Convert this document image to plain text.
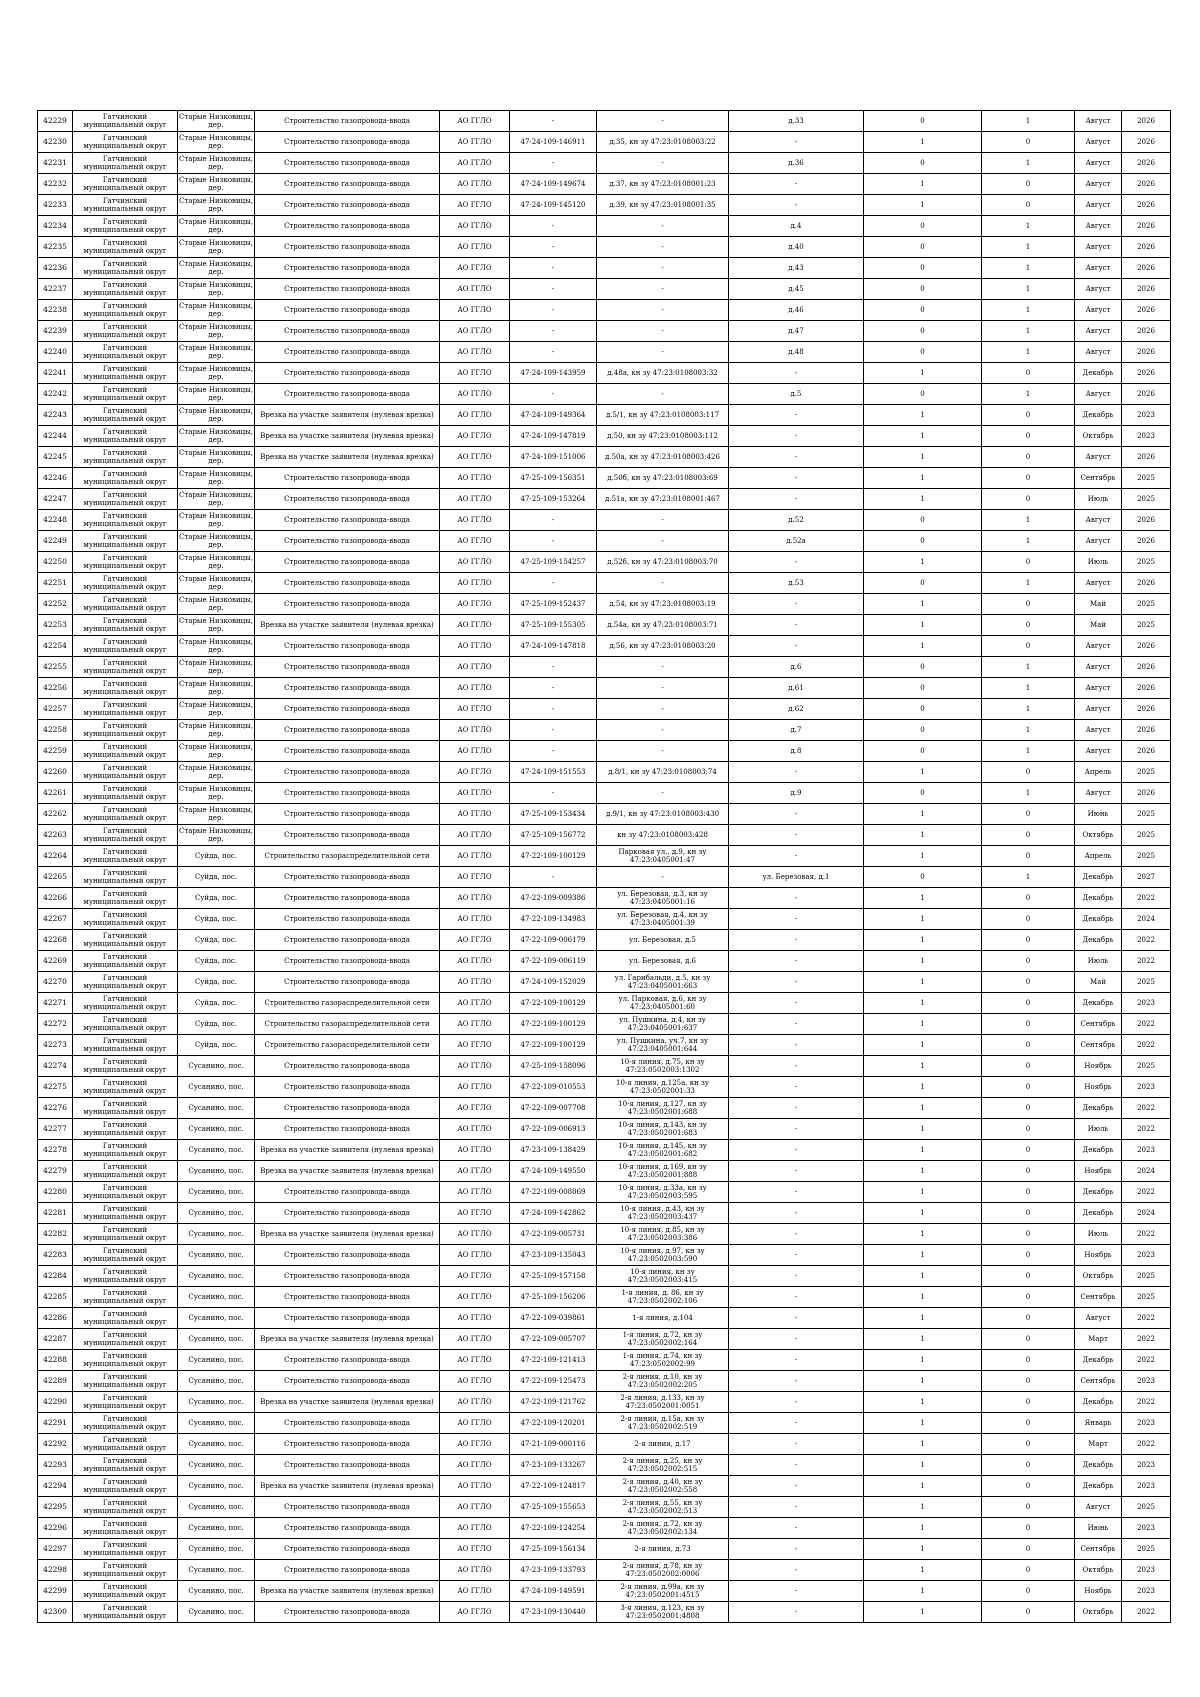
42229	Гатчинский муниципальный округ	Старые Низковицы, дер.	Строительство газопровода-ввода	АО ГГЛО	-	-	д.33	0	1	Август	2026
42230	Гатчинский муниципальный округ	Старые Низковицы, дер.	Строительство газопровода-ввода	АО ГГЛО	47-24-109-146911	д.35, кн зу 47:23:0108003:22	-	1	0	Август	2026
42231	Гатчинский муниципальный округ	Старые Низковицы, дер.	Строительство газопровода-ввода	АО ГГЛО	-	-	д.36	0	1	Август	2026
42232	Гатчинский муниципальный округ	Старые Низковицы, дер.	Строительство газопровода-ввода	АО ГГЛО	47-24-109-149674	д.37, кн зу 47:23:0108001:23	-	1	0	Август	2026
42233	Гатчинский муниципальный округ	Старые Низковицы, дер.	Строительство газопровода-ввода	АО ГГЛО	47-24-109-145120	д.39, кн зу 47:23:0108001:35	-	1	0	Август	2026
42234	Гатчинский муниципальный округ	Старые Низковицы, дер.	Строительство газопровода-ввода	АО ГГЛО	-	-	д.4	0	1	Август	2026
42235	Гатчинский муниципальный округ	Старые Низковицы, дер.	Строительство газопровода-ввода	АО ГГЛО	-	-	д.40	0	1	Август	2026
42236	Гатчинский муниципальный округ	Старые Низковицы, дер.	Строительство газопровода-ввода	АО ГГЛО	-	-	д.43	0	1	Август	2026
42237	Гатчинский муниципальный округ	Старые Низковицы, дер.	Строительство газопровода-ввода	АО ГГЛО	-	-	д.45	0	1	Август	2026
42238	Гатчинский муниципальный округ	Старые Низковицы, дер.	Строительство газопровода-ввода	АО ГГЛО	-	-	д.46	0	1	Август	2026
42239	Гатчинский муниципальный округ	Старые Низковицы, дер.	Строительство газопровода-ввода	АО ГГЛО	-	-	д.47	0	1	Август	2026
42240	Гатчинский муниципальный округ	Старые Низковицы, дер.	Строительство газопровода-ввода	АО ГГЛО	-	-	д.48	0	1	Август	2026
42241	Гатчинский муниципальный округ	Старые Низковицы, дер.	Строительство газопровода-ввода	АО ГГЛО	47-24-109-143959	д.48а, кн зу 47:23:0108003:32	-	1	0	Декабрь	2026
42242	Гатчинский муниципальный округ	Старые Низковицы, дер.	Строительство газопровода-ввода	АО ГГЛО	-	-	д.5	0	1	Август	2026
42243	Гатчинский муниципальный округ	Старые Низковицы, дер.	Врезка на участке заявителя (нулевая врезка)	АО ГГЛО	47-24-109-149364	д.5/1, кн зу 47:23:0108003:117	-	1	0	Декабрь	2023
42244	Гатчинский муниципальный округ	Старые Низковицы, дер.	Врезка на участке заявителя (нулевая врезка)	АО ГГЛО	47-24-109-147819	д.50, кн зу 47:23:0108003:112	-	1	0	Октябрь	2023
42245	Гатчинский муниципальный округ	Старые Низковицы, дер.	Врезка на участке заявителя (нулевая врезка)	АО ГГЛО	47-24-109-151006	д.50а, кн зу 47:23:0108003:426	-	1	0	Август	2026
42246	Гатчинский муниципальный округ	Старые Низковицы, дер.	Строительство газопровода-ввода	АО ГГЛО	47-25-109-156351	д.50б, кн зу 47:23:0108003:69	-	1	0	Сентябрь	2025
42247	Гатчинский муниципальный округ	Старые Низковицы, дер.	Строительство газопровода-ввода	АО ГГЛО	47-25-109-153264	д.51а, кн зу 47:23:0108001:467	-	1	0	Июль	2025
42248	Гатчинский муниципальный округ	Старые Низковицы, дер.	Строительство газопровода-ввода	АО ГГЛО	-	-	д.52	0	1	Август	2026
42249	Гатчинский муниципальный округ	Старые Низковицы, дер.	Строительство газопровода-ввода	АО ГГЛО	-	-	д.52а	0	1	Август	2026
42250	Гатчинский муниципальный округ	Старые Низковицы, дер.	Строительство газопровода-ввода	АО ГГЛО	47-25-109-154257	д.52б, кн зу 47:23:0108003:70	-	1	0	Июль	2025
42251	Гатчинский муниципальный округ	Старые Низковицы, дер.	Строительство газопровода-ввода	АО ГГЛО	-	-	д.53	0	1	Август	2026
42252	Гатчинский муниципальный округ	Старые Низковицы, дер.	Строительство газопровода-ввода	АО ГГЛО	47-25-109-152437	д.54, кн зу 47:23:0108003:19	-	1	0	Май	2025
42253	Гатчинский муниципальный округ	Старые Низковицы, дер.	Врезка на участке заявителя (нулевая врезка)	АО ГГЛО	47-25-109-155305	д.54а, кн зу 47:23:0108003:71	-	1	0	Май	2025
42254	Гатчинский муниципальный округ	Старые Низковицы, дер.	Строительство газопровода-ввода	АО ГГЛО	47-24-109-147818	д.56, кн зу 47:23:0108003:20	-	1	0	Август	2026
42255	Гатчинский муниципальный округ	Старые Низковицы, дер.	Строительство газопровода-ввода	АО ГГЛО	-	-	д.6	0	1	Август	2026
42256	Гатчинский муниципальный округ	Старые Низковицы, дер.	Строительство газопровода-ввода	АО ГГЛО	-	-	д.61	0	1	Август	2026
42257	Гатчинский муниципальный округ	Старые Низковицы, дер.	Строительство газопровода-ввода	АО ГГЛО	-	-	д.62	0	1	Август	2026
42258	Гатчинский муниципальный округ	Старые Низковицы, дер.	Строительство газопровода-ввода	АО ГГЛО	-	-	д.7	0	1	Август	2026
42259	Гатчинский муниципальный округ	Старые Низковицы, дер.	Строительство газопровода-ввода	АО ГГЛО	-	-	д.8	0	1	Август	2026
42260	Гатчинский муниципальный округ	Старые Низковицы, дер.	Строительство газопровода-ввода	АО ГГЛО	47-24-109-151553	д.8/1, кн зу 47:23:0108003:74	-	1	0	Апрель	2025
42261	Гатчинский муниципальный округ	Старые Низковицы, дер.	Строительство газопровода-ввода	АО ГГЛО	-	-	д.9	0	1	Август	2026
42262	Гатчинский муниципальный округ	Старые Низковицы, дер.	Строительство газопровода-ввода	АО ГГЛО	47-25-109-153434	д.9/1, кн зу 47:23:0108003:430	-	1	0	Июнь	2025
42263	Гатчинский муниципальный округ	Старые Низковицы, дер.	Строительство газопровода-ввода	АО ГГЛО	47-25-109-156772	кн зу 47:23:0108003:428	-	1	0	Октябрь	2025
42264	Гатчинский муниципальный округ	Суйда, пос.	Строительство газораспределительной сети	АО ГГЛО	47-22-109-100129	Парковая ул., д.9, кн зу 47:23:0405001:47	-	1	0	Апрель	2025
42265	Гатчинский муниципальный округ	Суйда, пос.	Строительство газопровода-ввода	АО ГГЛО	-	-	ул. Березовая, д.1	0	1	Декабрь	2027
42266	Гатчинский муниципальный округ	Суйда, пос.	Строительство газопровода-ввода	АО ГГЛО	47-22-109-009386	ул. Березовая, д.3, кн зу 47:23:0405001:16	-	1	0	Декабрь	2022
42267	Гатчинский муниципальный округ	Суйда, пос.	Строительство газопровода-ввода	АО ГГЛО	47-22-109-134983	ул. Березовая, д.4, кн зу 47:23:0405001:39	-	1	0	Декабрь	2024
42268	Гатчинский муниципальный округ	Суйда, пос.	Строительство газопровода-ввода	АО ГГЛО	47-22-109-006179	ул. Березовая, д.5	-	1	0	Декабрь	2022
42269	Гатчинский муниципальный округ	Суйда, пос.	Строительство газопровода-ввода	АО ГГЛО	47-22-109-006119	ул. Березовая, д.6	-	1	0	Июль	2022
42270	Гатчинский муниципальный округ	Суйда, пос.	Строительство газопровода-ввода	АО ГГЛО	47-24-109-152029	ул. Гарибальди, д.5, кн зу 47:23:0405001:663	-	1	0	Май	2025
42271	Гатчинский муниципальный округ	Суйда, пос.	Строительство газораспределительной сети	АО ГГЛО	47-22-109-100129	ул. Парковая, д.6, кн зу 47:23:0405001:60	-	1	0	Декабрь	2023
42272	Гатчинский муниципальный округ	Суйда, пос.	Строительство газораспределительной сети	АО ГГЛО	47-22-109-100129	ул. Пушкина, д.4, кн зу 47:23:0405001:637	-	1	0	Сентябрь	2022
42273	Гатчинский муниципальный округ	Суйда, пос.	Строительство газораспределительной сети	АО ГГЛО	47-22-109-100129	ул. Пушкина, уч.7, кн зу 47:23:0405001:644	-	1	0	Сентябрь	2022
42274	Гатчинский муниципальный округ	Сусанино, пос.	Строительство газопровода-ввода	АО ГГЛО	47-25-109-158096	10-я линия, д.75, кн зу 47:23:0502003:1302	-	1	0	Ноябрь	2025
42275	Гатчинский муниципальный округ	Сусанино, пос.	Строительство газопровода-ввода	АО ГГЛО	47-22-109-010553	10-я линия, д.125а, кн зу 47:23:0502001:33	-	1	0	Ноябрь	2023
42276	Гатчинский муниципальный округ	Сусанино, пос.	Строительство газопровода-ввода	АО ГГЛО	47-22-109-007708	10-я линия, д.127, кн зу 47:23:0502001:688	-	1	0	Декабрь	2022
42277	Гатчинский муниципальный округ	Сусанино, пос.	Строительство газопровода-ввода	АО ГГЛО	47-22-109-006913	10-я линия, д.143, кн зу 47:23:0502001:683	-	1	0	Июль	2022
42278	Гатчинский муниципальный округ	Сусанино, пос.	Врезка на участке заявителя (нулевая врезка)	АО ГГЛО	47-23-109-138429	10-я линия, д.145, кн зу 47:23:0502001:682	-	1	0	Декабрь	2023
42279	Гатчинский муниципальный округ	Сусанино, пос.	Врезка на участке заявителя (нулевая врезка)	АО ГГЛО	47-24-109-149550	10-я линия, д.169, кн зу 47:23:0502001:888	-	1	0	Ноябрь	2024
42280	Гатчинский муниципальный округ	Сусанино, пос.	Строительство газопровода-ввода	АО ГГЛО	47-22-109-008069	10-я линия, д.33а, кн зу 47:23:0502003:595	-	1	0	Декабрь	2022
42281	Гатчинский муниципальный округ	Сусанино, пос.	Строительство газопровода-ввода	АО ГГЛО	47-24-109-142862	10-я линия, д.43, кн зу 47:23:0502003:437	-	1	0	Декабрь	2024
42282	Гатчинский муниципальный округ	Сусанино, пос.	Врезка на участке заявителя (нулевая врезка)	АО ГГЛО	47-22-109-005731	10-я линия, д.85, кн зу 47:23:0502003:386	-	1	0	Июль	2022
42283	Гатчинский муниципальный округ	Сусанино, пос.	Строительство газопровода-ввода	АО ГГЛО	47-23-109-135043	10-я линия, д.97, кн зу 47:23:0502003:590	-	1	0	Ноябрь	2023
42284	Гатчинский муниципальный округ	Сусанино, пос.	Строительство газопровода-ввода	АО ГГЛО	47-25-109-157158	10-я линия, кн зу 47:23:0502003:415	-	1	0	Октябрь	2025
42285	Гатчинский муниципальный округ	Сусанино, пос.	Строительство газопровода-ввода	АО ГГЛО	47-25-109-156206	1-я линия, д. 86, кн зу 47:23:0502002:106	-	1	0	Сентябрь	2025
42286	Гатчинский муниципальный округ	Сусанино, пос.	Строительство газопровода-ввода	АО ГГЛО	47-22-109-039861	1-я линия, д.104	-	1	0	Август	2022
42287	Гатчинский муниципальный округ	Сусанино, пос.	Врезка на участке заявителя (нулевая врезка)	АО ГГЛО	47-22-109-005707	1-я линия, д.72, кн зу 47:23:0502002:164	-	1	0	Март	2022
42288	Гатчинский муниципальный округ	Сусанино, пос.	Строительство газопровода-ввода	АО ГГЛО	47-22-109-121413	1-я линия, д.74, кн зу 47:23:0502002:99	-	1	0	Декабрь	2022
42289	Гатчинский муниципальный округ	Сусанино, пос.	Строительство газопровода-ввода	АО ГГЛО	47-22-109-125473	2-я линия, д.10, кн зу 47:23:0502002:205	-	1	0	Сентябрь	2023
42290	Гатчинский муниципальный округ	Сусанино, пос.	Врезка на участке заявителя (нулевая врезка)	АО ГГЛО	47-22-109-121762	2-я линия, д.133, кн зу 47:23:0502001:0051	-	1	0	Декабрь	2022
42291	Гатчинский муниципальный округ	Сусанино, пос.	Строительство газопровода-ввода	АО ГГЛО	47-22-109-120201	2-я линия, д.15а, кн зу 47:23:0502002:519	-	1	0	Январь	2023
42292	Гатчинский муниципальный округ	Сусанино, пос.	Строительство газопровода-ввода	АО ГГЛО	47-21-109-000116	2-я линия, д.17	-	1	0	Март	2022
42293	Гатчинский муниципальный округ	Сусанино, пос.	Строительство газопровода-ввода	АО ГГЛО	47-23-109-133267	2-я линия, д.25, кн зу 47:23:0502002:515	-	1	0	Декабрь	2023
42294	Гатчинский муниципальный округ	Сусанино, пос.	Врезка на участке заявителя (нулевая врезка)	АО ГГЛО	47-22-109-124817	2-я линия, д.40, кн зу 47:23:0502002:558	-	1	0	Декабрь	2023
42295	Гатчинский муниципальный округ	Сусанино, пос.	Строительство газопровода-ввода	АО ГГЛО	47-25-109-155653	2-я линия, д.55, кн зу 47:23:0502002:513	-	1	0	Август	2025
42296	Гатчинский муниципальный округ	Сусанино, пос.	Строительство газопровода-ввода	АО ГГЛО	47-22-109-124254	2-я линия, д.72, кн зу 47:23:0502002:134	-	1	0	Июнь	2023
42297	Гатчинский муниципальный округ	Сусанино, пос.	Строительство газопровода-ввода	АО ГГЛО	47-25-109-156134	2-я линия, д.73	-	1	0	Сентябрь	2025
42298	Гатчинский муниципальный округ	Сусанино, пос.	Строительство газопровода-ввода	АО ГГЛО	47-23-109-133793	2-я линия, д.78, кн зу 47:23:0502002:0006	-	1	0	Октябрь	2023
42299	Гатчинский муниципальный округ	Сусанино, пос.	Врезка на участке заявителя (нулевая врезка)	АО ГГЛО	47-24-109-149591	2-я линия, д.99а, кн зу 47:23:0502001:4515	-	1	0	Ноябрь	2023
42300	Гатчинский муниципальный округ	Сусанино, пос.	Строительство газопровода-ввода	АО ГГЛО	47-23-109-130440	3-я линия, д.123, кн зу 47:23:0502001:4808	-	1	0	Октябрь	2022
